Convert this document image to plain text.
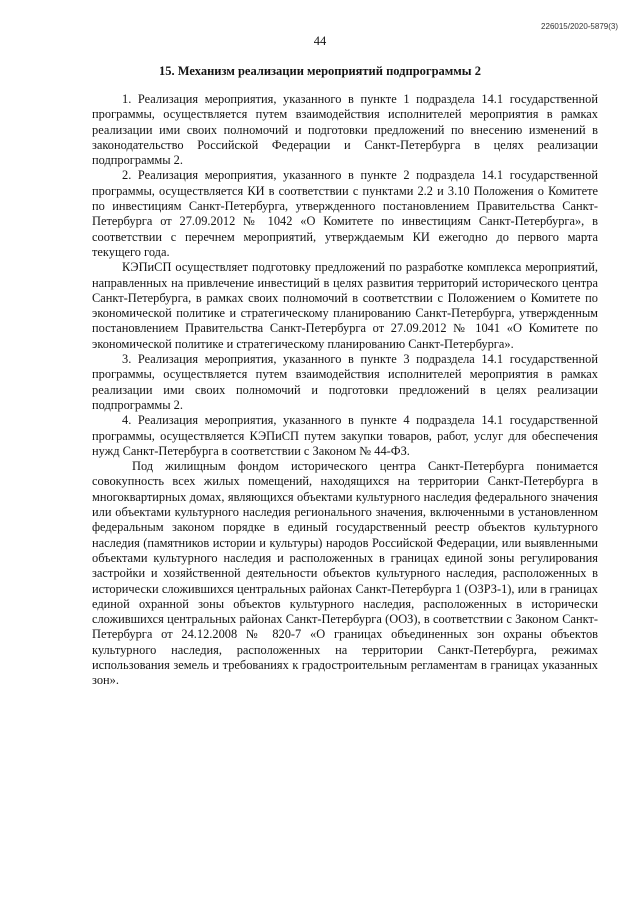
226015/2020-5879(3)
44
15. Механизм реализации мероприятий подпрограммы 2

1. Реализация мероприятия, указанного в пункте 1 подраздела 14.1 государственной программы, осуществляется путем взаимодействия исполнителей мероприятия в рамках реализации ими своих полномочий и подготовки предложений по внесению изменений в законодательство Российской Федерации и Санкт-Петербурга в целях реализации подпрограммы 2.

2. Реализация мероприятия, указанного в пункте 2 подраздела 14.1 государственной программы, осуществляется КИ в соответствии с пунктами 2.2 и 3.10 Положения о Комитете по инвестициям Санкт-Петербурга, утвержденного постановлением Правительства Санкт-Петербурга от 27.09.2012 № 1042 «О Комитете по инвестициям Санкт-Петербурга», в соответствии с перечнем мероприятий, утверждаемым КИ ежегодно до первого марта текущего года.

КЭПиСП осуществляет подготовку предложений по разработке комплекса мероприятий, направленных на привлечение инвестиций в целях развития территорий исторического центра Санкт-Петербурга, в рамках своих полномочий в соответствии с Положением о Комитете по экономической политике и стратегическому планированию Санкт-Петербурга, утвержденным постановлением Правительства Санкт-Петербурга от 27.09.2012 № 1041 «О Комитете по экономической политике и стратегическому планированию Санкт-Петербурга».

3. Реализация мероприятия, указанного в пункте 3 подраздела 14.1 государственной программы, осуществляется путем взаимодействия исполнителей мероприятия в рамках реализации ими своих полномочий и подготовки предложений в целях реализации подпрограммы 2.

4. Реализация мероприятия, указанного в пункте 4 подраздела 14.1 государственной программы, осуществляется КЭПиСП путем закупки товаров, работ, услуг для обеспечения нужд Санкт-Петербурга в соответствии с Законом № 44-ФЗ.

Под жилищным фондом исторического центра Санкт-Петербурга понимается совокупность всех жилых помещений, находящихся на территории Санкт-Петербурга в многоквартирных домах, являющихся объектами культурного наследия федерального значения или объектами культурного наследия регионального значения, включенными в установленном федеральным законом порядке в единый государственный реестр объектов культурного наследия (памятников истории и культуры) народов Российской Федерации, или выявленными объектами культурного наследия и расположенных в границах единой зоны регулирования застройки и хозяйственной деятельности объектов культурного наследия, расположенных в исторически сложившихся центральных районах Санкт-Петербурга 1 (ОЗРЗ-1), или в границах единой охранной зоны объектов культурного наследия, расположенных в исторически сложившихся центральных районах Санкт-Петербурга (ООЗ), в соответствии с Законом Санкт-Петербурга от 24.12.2008 № 820-7 «О границах объединенных зон охраны объектов культурного наследия, расположенных на территории Санкт-Петербурга, режимах использования земель и требованиях к градостроительным регламентам в границах указанных зон».
